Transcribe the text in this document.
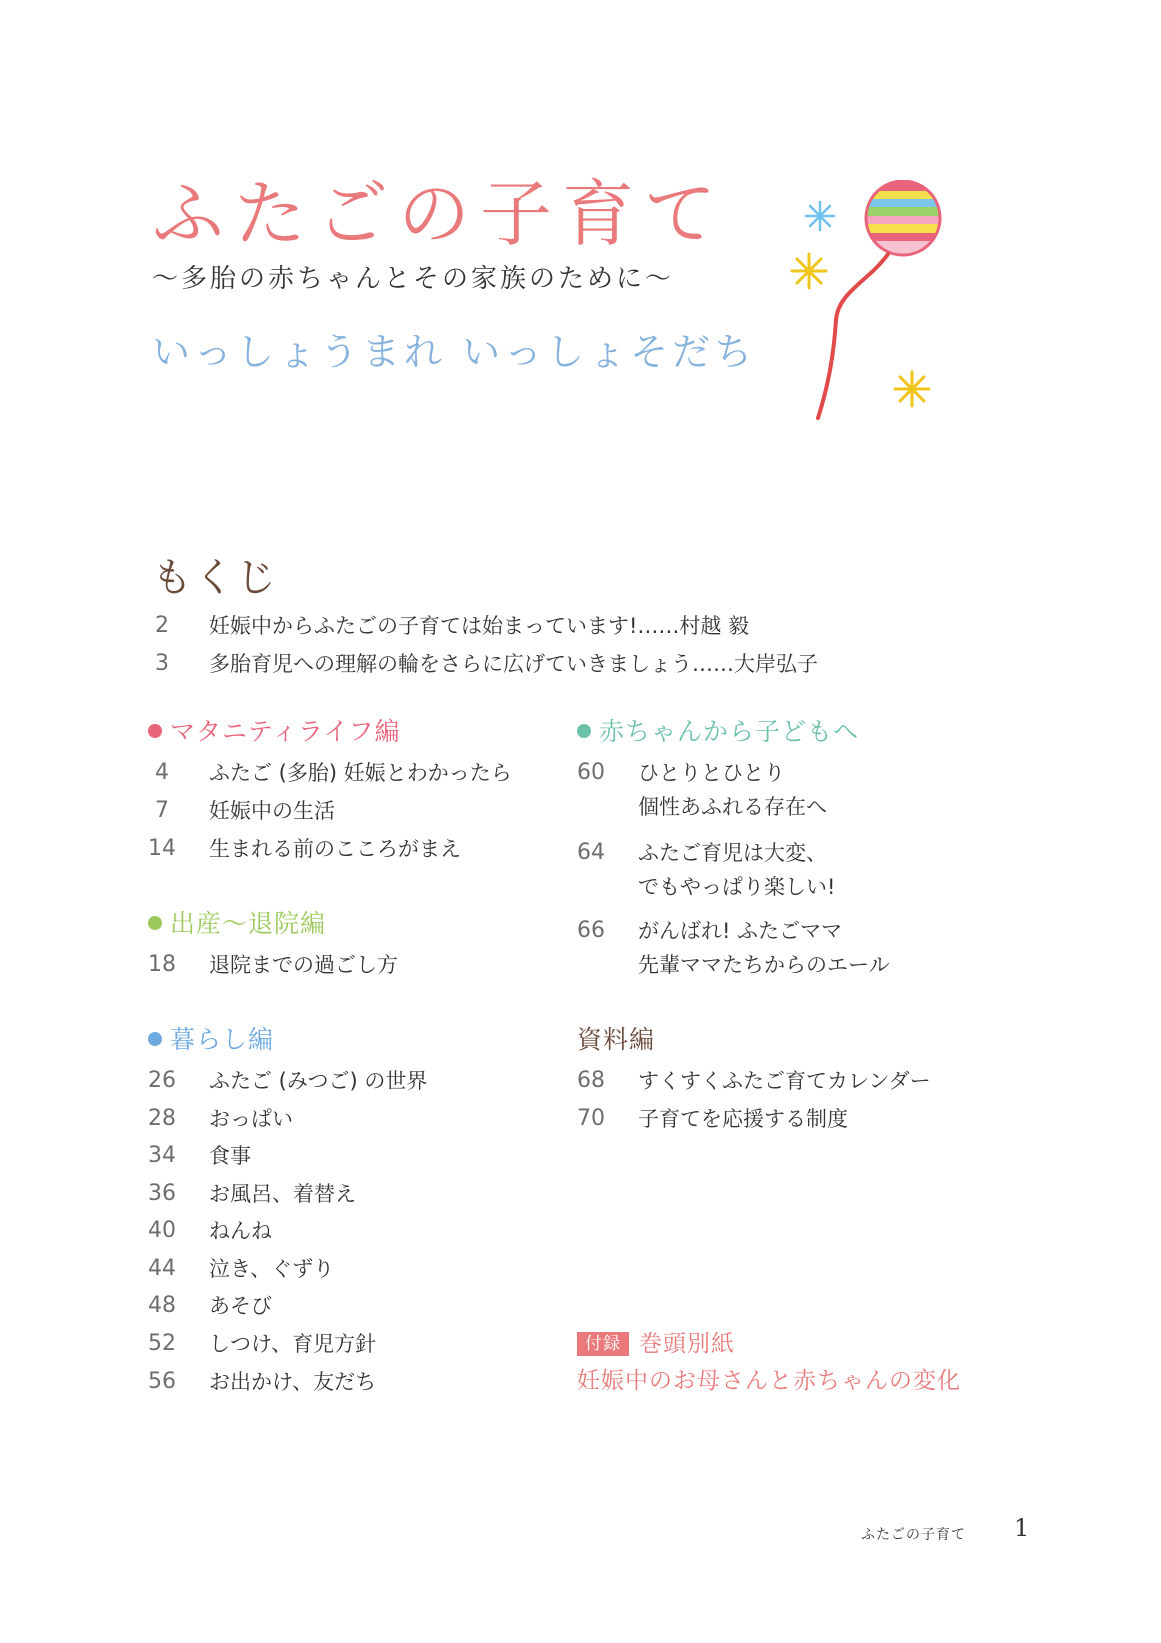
ふたごの子育て
〜多胎の赤ちゃんとその家族のために〜
いっしょうまれ いっしょそだち
もくじ
2 妊娠中からふたごの子育ては始まっています!……村越 毅
3 多胎育児への理解の輪をさらに広げていきましょう……大岸弘子
マタニティライフ編
4 ふたご (多胎) 妊娠とわかったら
7 妊娠中の生活
14 生まれる前のこころがまえ
出産〜退院編
18 退院までの過ごし方
暮らし編
26 ふたご (みつご) の世界
28 おっぱい
34 食事
36 お風呂、着替え
40 ねんね
44 泣き、ぐずり
48 あそび
52 しつけ、育児方針
56 お出かけ、友だち
赤ちゃんから子どもへ
60 ひとりとひとり
個性あふれる存在へ
64 ふたご育児は大変、
でもやっぱり楽しい!
66 がんばれ! ふたごママ
先輩ママたちからのエール
資料編
68 すくすくふたご育てカレンダー
70 子育てを応援する制度
付録 巻頭別紙
妊娠中のお母さんと赤ちゃんの変化
ふたごの子育て 1
